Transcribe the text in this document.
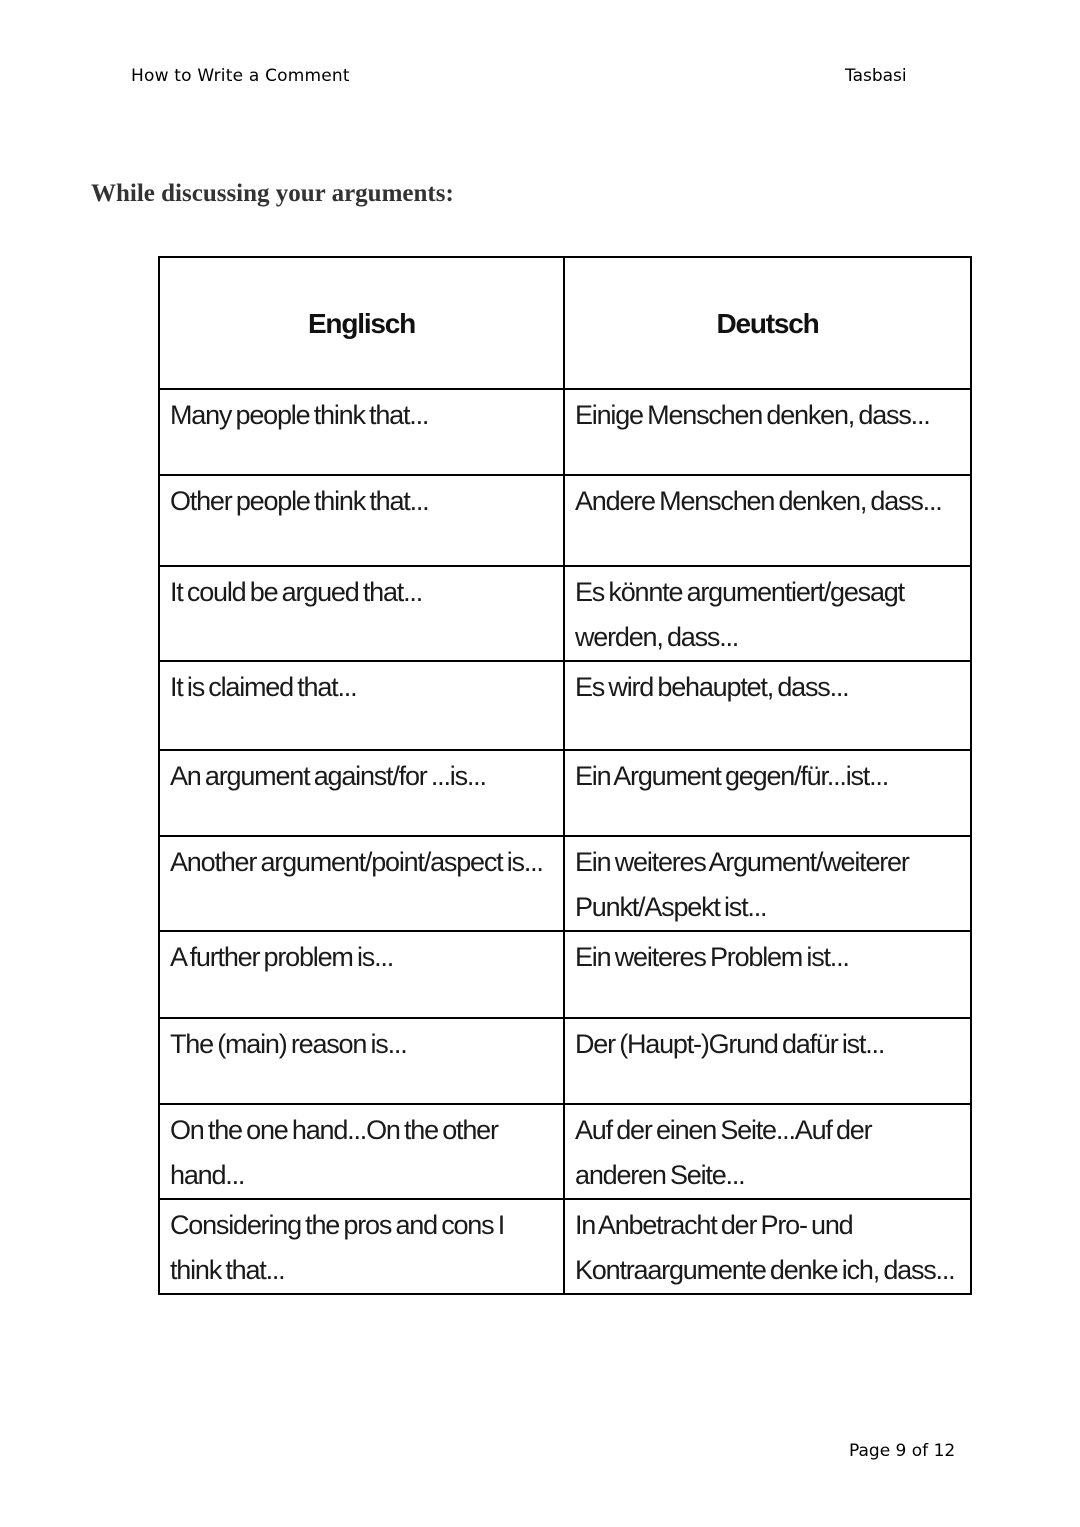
How to Write a Comment	Tasbasi
While discussing your arguments:
Englisch	Deutsch

Many people think that...	Einige Menschen denken, dass...

Other people think that...	Andere Menschen denken, dass...

It could be argued that...	Es könnte argumentiert/gesagt werden, dass...

It is claimed that...	Es wird behauptet, dass...

An argument against/for ...is...	Ein Argument gegen/für...ist...

Another argument/point/aspect is...	Ein weiteres Argument/weiterer Punkt/Aspekt ist...

A further problem is...	Ein weiteres Problem ist...

The (main) reason is...	Der (Haupt-)Grund dafür ist...

On the one hand...On the other hand...	Auf der einen Seite...Auf der anderen Seite...

Considering the pros and cons I think that...	In Anbetracht der Pro- und Kontraargumente denke ich, dass...
Page 9 of 12
